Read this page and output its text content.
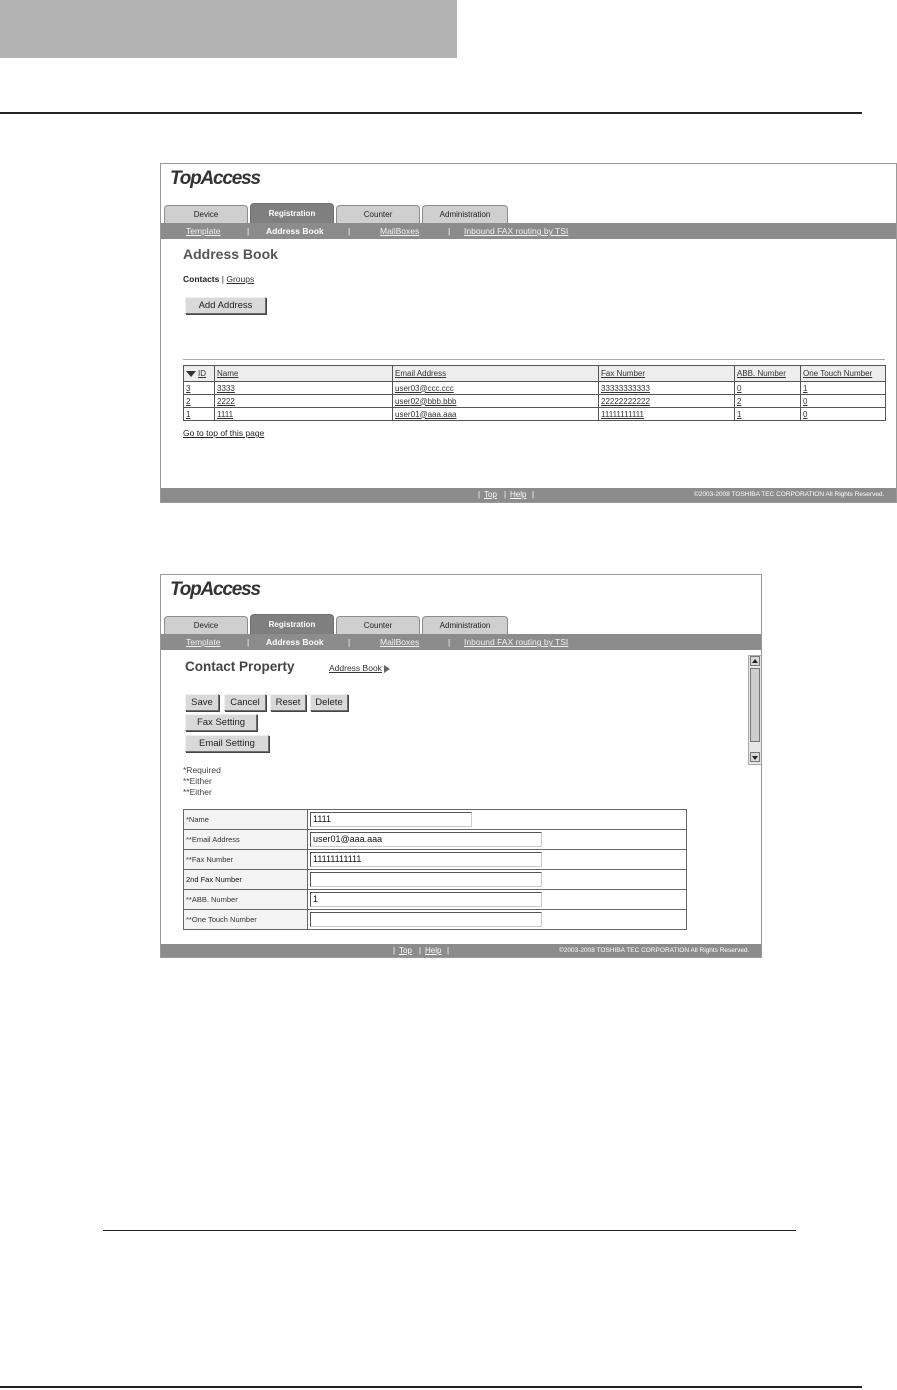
TopAccess
Device	Registration	Counter	Administration
Template	| Address Book	|	MailBoxes	| Inbound FAX routing by TSI
Address Book
Contacts | Groups
Add Address
ID	Name	Email Address	Fax Number	ABB. Number	One Touch Number
3	3333	user03@ccc.ccc	33333333333	0	1
2	2222	user02@bbb.bbb	22222222222	2	0
1	1111	user01@aaa.aaa	11111111111	1	0
Go to top of this page
| Top | Help |	©2003-2008 TOSHIBA TEC CORPORATION All Rights Reserved.
TopAccess
Device	Registration	Counter	Administration
Template	| Address Book	|	MailBoxes	| Inbound FAX routing by TSI
Contact Property	Address Book
Save	Cancel	Reset	Delete
Fax Setting
Email Setting
*Required
**Either
**Either
*Name	1111

**Email Address	user01@aaa.aaa

**Fax Number	11111111111

2nd Fax Number	

**ABB. Number	1

**One Touch Number	
| Top | Help |	©2003-2008 TOSHIBA TEC CORPORATION All Rights Reserved.
